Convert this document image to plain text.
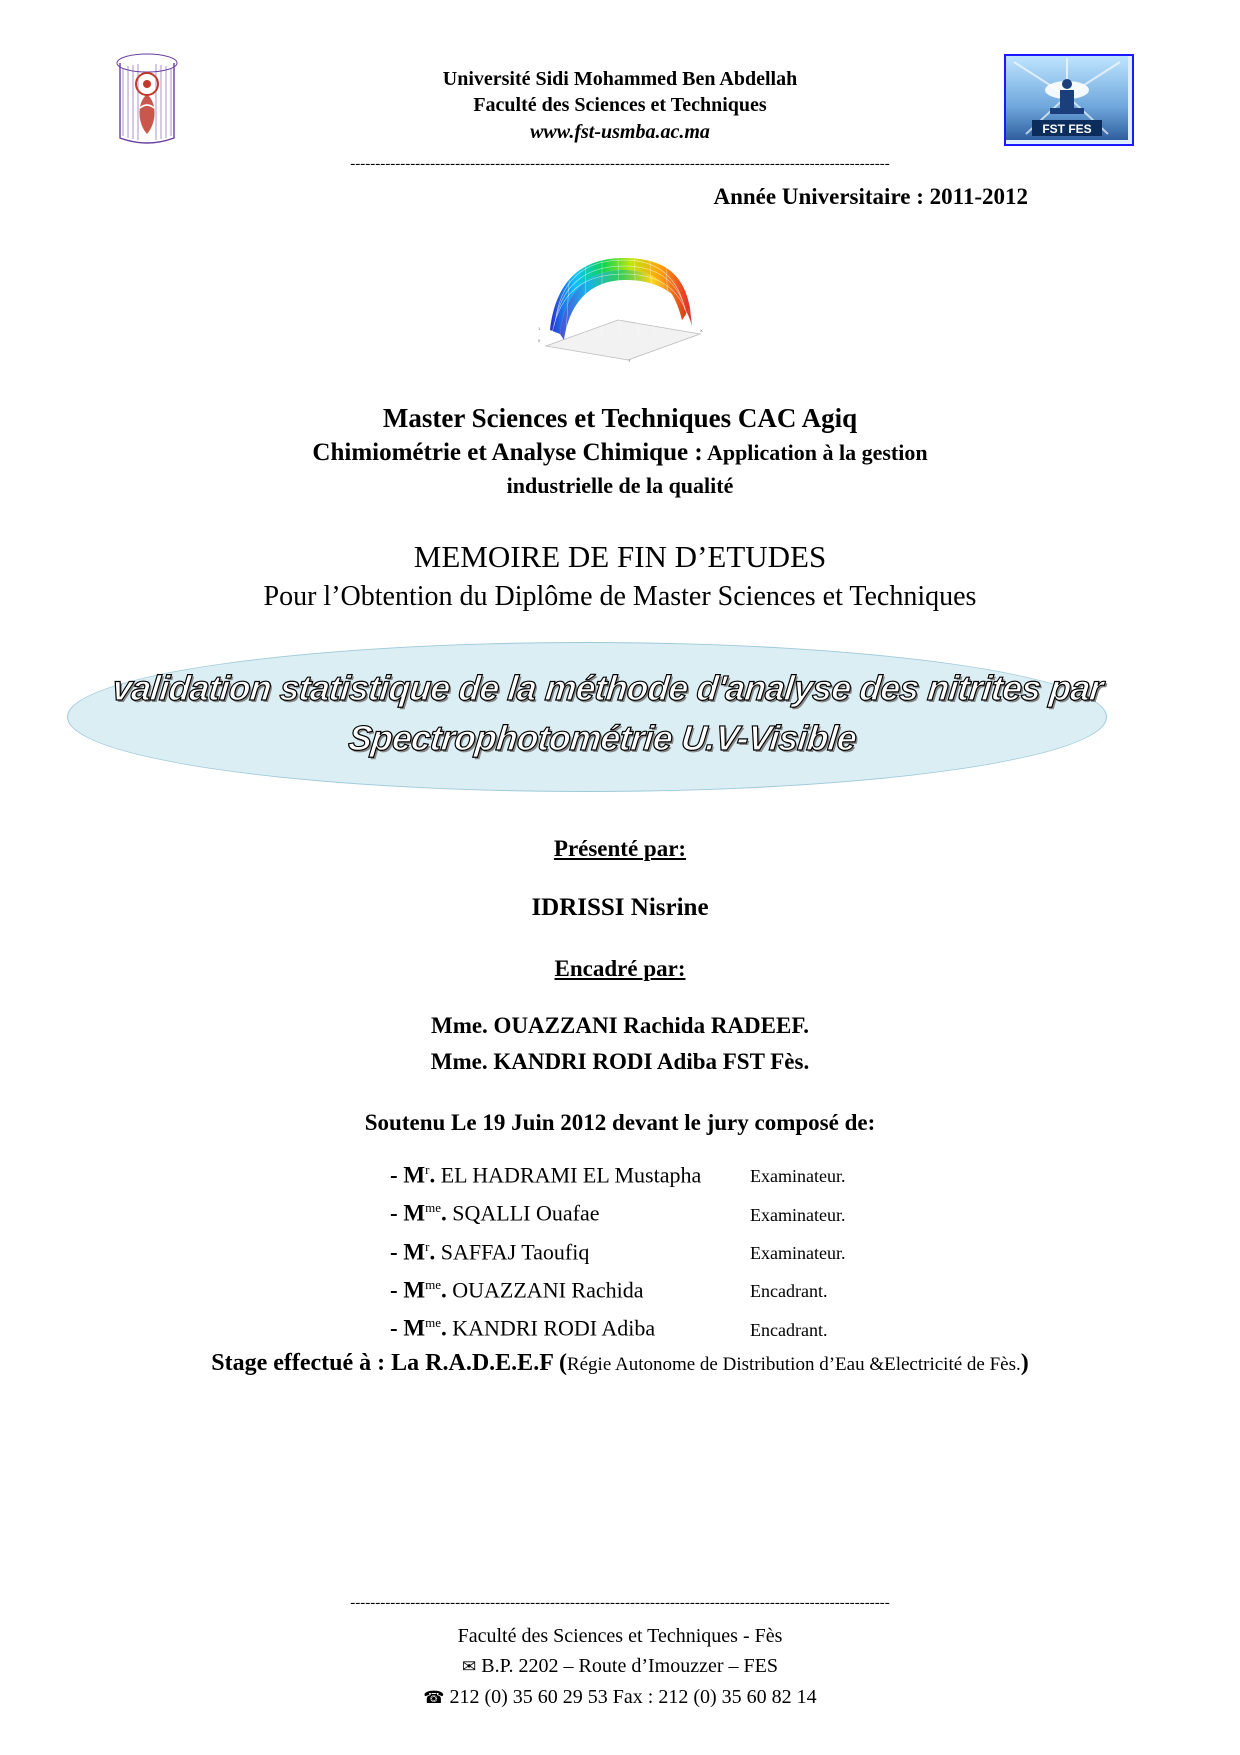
Université Sidi Mohammed Ben Abdellah
Faculté des Sciences et Techniques
www.fst-usmba.ac.ma	FST FES
------------------------------------------------------------------------------------------------------------
Année Universitaire : 2011-2012
1
0
Y
X
Master Sciences et Techniques CAC Agiq
Chimiométrie et Analyse Chimique : Application à la gestion
industrielle de la qualité
MEMOIRE DE FIN D’ETUDES
Pour l’Obtention du Diplôme de Master Sciences et Techniques
validation statistique de la méthode d'analyse des nitrites par
Spectrophotométrie U.V-Visible
Présenté par:
IDRISSI Nisrine
Encadré par:
Mme. OUAZZANI Rachida RADEEF.
Mme. KANDRI RODI Adiba FST Fès.
Soutenu Le 19 Juin 2012 devant le jury composé de:
- $M^r$. EL HADRAMI EL Mustapha	Examinateur.
- $M^{me}$. SQALLI Ouafae	Examinateur.
- $M^r$. SAFFAJ Taoufiq	Examinateur.
- $M^{me}$. OUAZZANI Rachida	Encadrant.
- $M^{me}$. KANDRI RODI Adiba	Encadrant.
Stage effectué à : La R.A.D.E.E.F (Régie Autonome de Distribution d’Eau &Electricité de Fès.)
------------------------------------------------------------------------------------------------------------
Faculté des Sciences et Techniques - Fès
✉ B.P. 2202 – Route d’Imouzzer – FES
☎ 212 (0) 35 60 29 53 Fax : 212 (0) 35 60 82 14
